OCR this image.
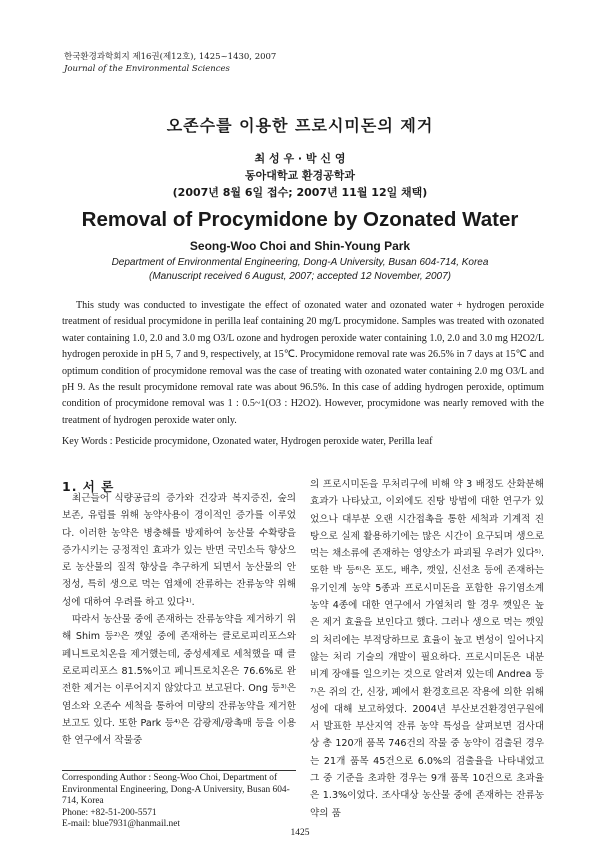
한국환경과학회지 제16권(제12호), 1425~1430, 2007
Journal of the Environmental Sciences
오존수를 이용한 프로시미돈의 제거
최 성 우 · 박 신 영
동아대학교 환경공학과
(2007년 8월 6일 접수; 2007년 11월 12일 채택)
Removal of Procymidone by Ozonated Water
Seong-Woo Choi and Shin-Young Park
Department of Environmental Engineering, Dong-A University, Busan 604-714, Korea
(Manuscript received 6 August, 2007; accepted 12 November, 2007)

This study was conducted to investigate the effect of ozonated water and ozonated water + hydrogen peroxide treatment of residual procymidone in perilla leaf containing 20 mg/L procymidone. Samples was treated with ozonated water containing 1.0, 2.0 and 3.0 mg O3/L ozone and hydrogen peroxide water containing 1.0, 2.0 and 3.0 mg H2O2/L hydrogen peroxide in pH 5, 7 and 9, respectively, at 15℃. Procymidone removal rate was 26.5% in 7 days at 15℃ and optimum condition of procymidone removal was the case of treating with ozonated water containing 2.0 mg O3/L and pH 9. As the result procymidone removal rate was about 96.5%. In this case of adding hydrogen peroxide, optimum condition of procymidone removal was 1 : 0.5~1(O3 : H2O2). However, procymidone was nearly removed with the treatment of hydrogen peroxide water only.

Key Words : Pesticide procymidone, Ozonated water, Hydrogen peroxide water, Perilla leaf
1. 서 론

최근들어 식량공급의 증가와 건강과 복지증진, 숲의 보존, 유럽를 위해 농약사용이 경이적인 증가를 이루었다. 이러한 농약은 병충해를 방제하여 농산물 수확량을 증가시키는 긍정적인 효과가 있는 반면 국민소득 향상으로 농산물의 질적 향상을 추구하게 되면서 농산물의 안정성, 특히 생으로 먹는 엽채에 잔류하는 잔류농약 위해성에 대하여 우려를 하고 있다¹⁾.

따라서 농산물 중에 존재하는 잔류농약을 제거하기 위해 Shim 등²⁾은 깻잎 중에 존재하는 클로로피리포스와 페니트로치온을 제거했는데, 중성세제로 세척했을 때 클로로피리포스 81.5%이고 페니트로치온은 76.6%로 완전한 제거는 이루어지지 않았다고 보고된다. Ong 등³⁾은 염소와 오존수 세척을 통하여 미량의 잔류농약을 제거한 보고도 있다. 또한 Park 등⁴⁾은 감광제/광촉매 등을 이용한 연구에서 작물중

의 프로시미돈을 무처리구에 비해 약 3 배정도 산화분해 효과가 나타났고, 이외에도 진탕 방법에 대한 연구가 있었으나 대부분 오랜 시간접촉을 통한 세척과 기계적 진탕으로 실제 활용하기에는 많은 시간이 요구되며 생으로 먹는 채소류에 존재하는 영양소가 파괴될 우려가 있다⁵⁾. 또한 박 등⁶⁾은 포도, 배추, 깻잎, 신선초 등에 존재하는 유기인계 농약 5종과 프로시미돈을 포함한 유기염소계 농약 4종에 대한 연구에서 가열처리 할 경우 깻잎은 높은 제거 효율을 보인다고 했다. 그러나 생으로 먹는 깻잎의 처리에는 부적당하므로 효율이 높고 변성이 일어나지 않는 처리 기술의 개발이 필요하다. 프로시미돈은 내분비계 장애를 일으키는 것으로 알려져 있는데 Andrea 등⁷⁾은 쥐의 간, 신장, 폐에서 환경호르몬 작용에 의한 위해성에 대해 보고하였다. 2004년 부산보건환경연구원에서 발표한 부산지역 잔류 농약 특성을 살펴보면 검사대상 총 120개 품목 746건의 작물 중 농약이 검출된 경우는 21개 품목 45건으로 6.0%의 검출율을 나타내었고 그 중 기준을 초과한 경우는 9개 품목 10건으로 초과율은 1.3%이었다. 조사대상 농산물 중에 존재하는 잔류농약의 품

Corresponding Author : Seong-Woo Choi, Department of Environmental Engineering, Dong-A University, Busan 604-714, Korea
Phone: +82-51-200-5571
E-mail: blue7931@hanmail.net
1425
